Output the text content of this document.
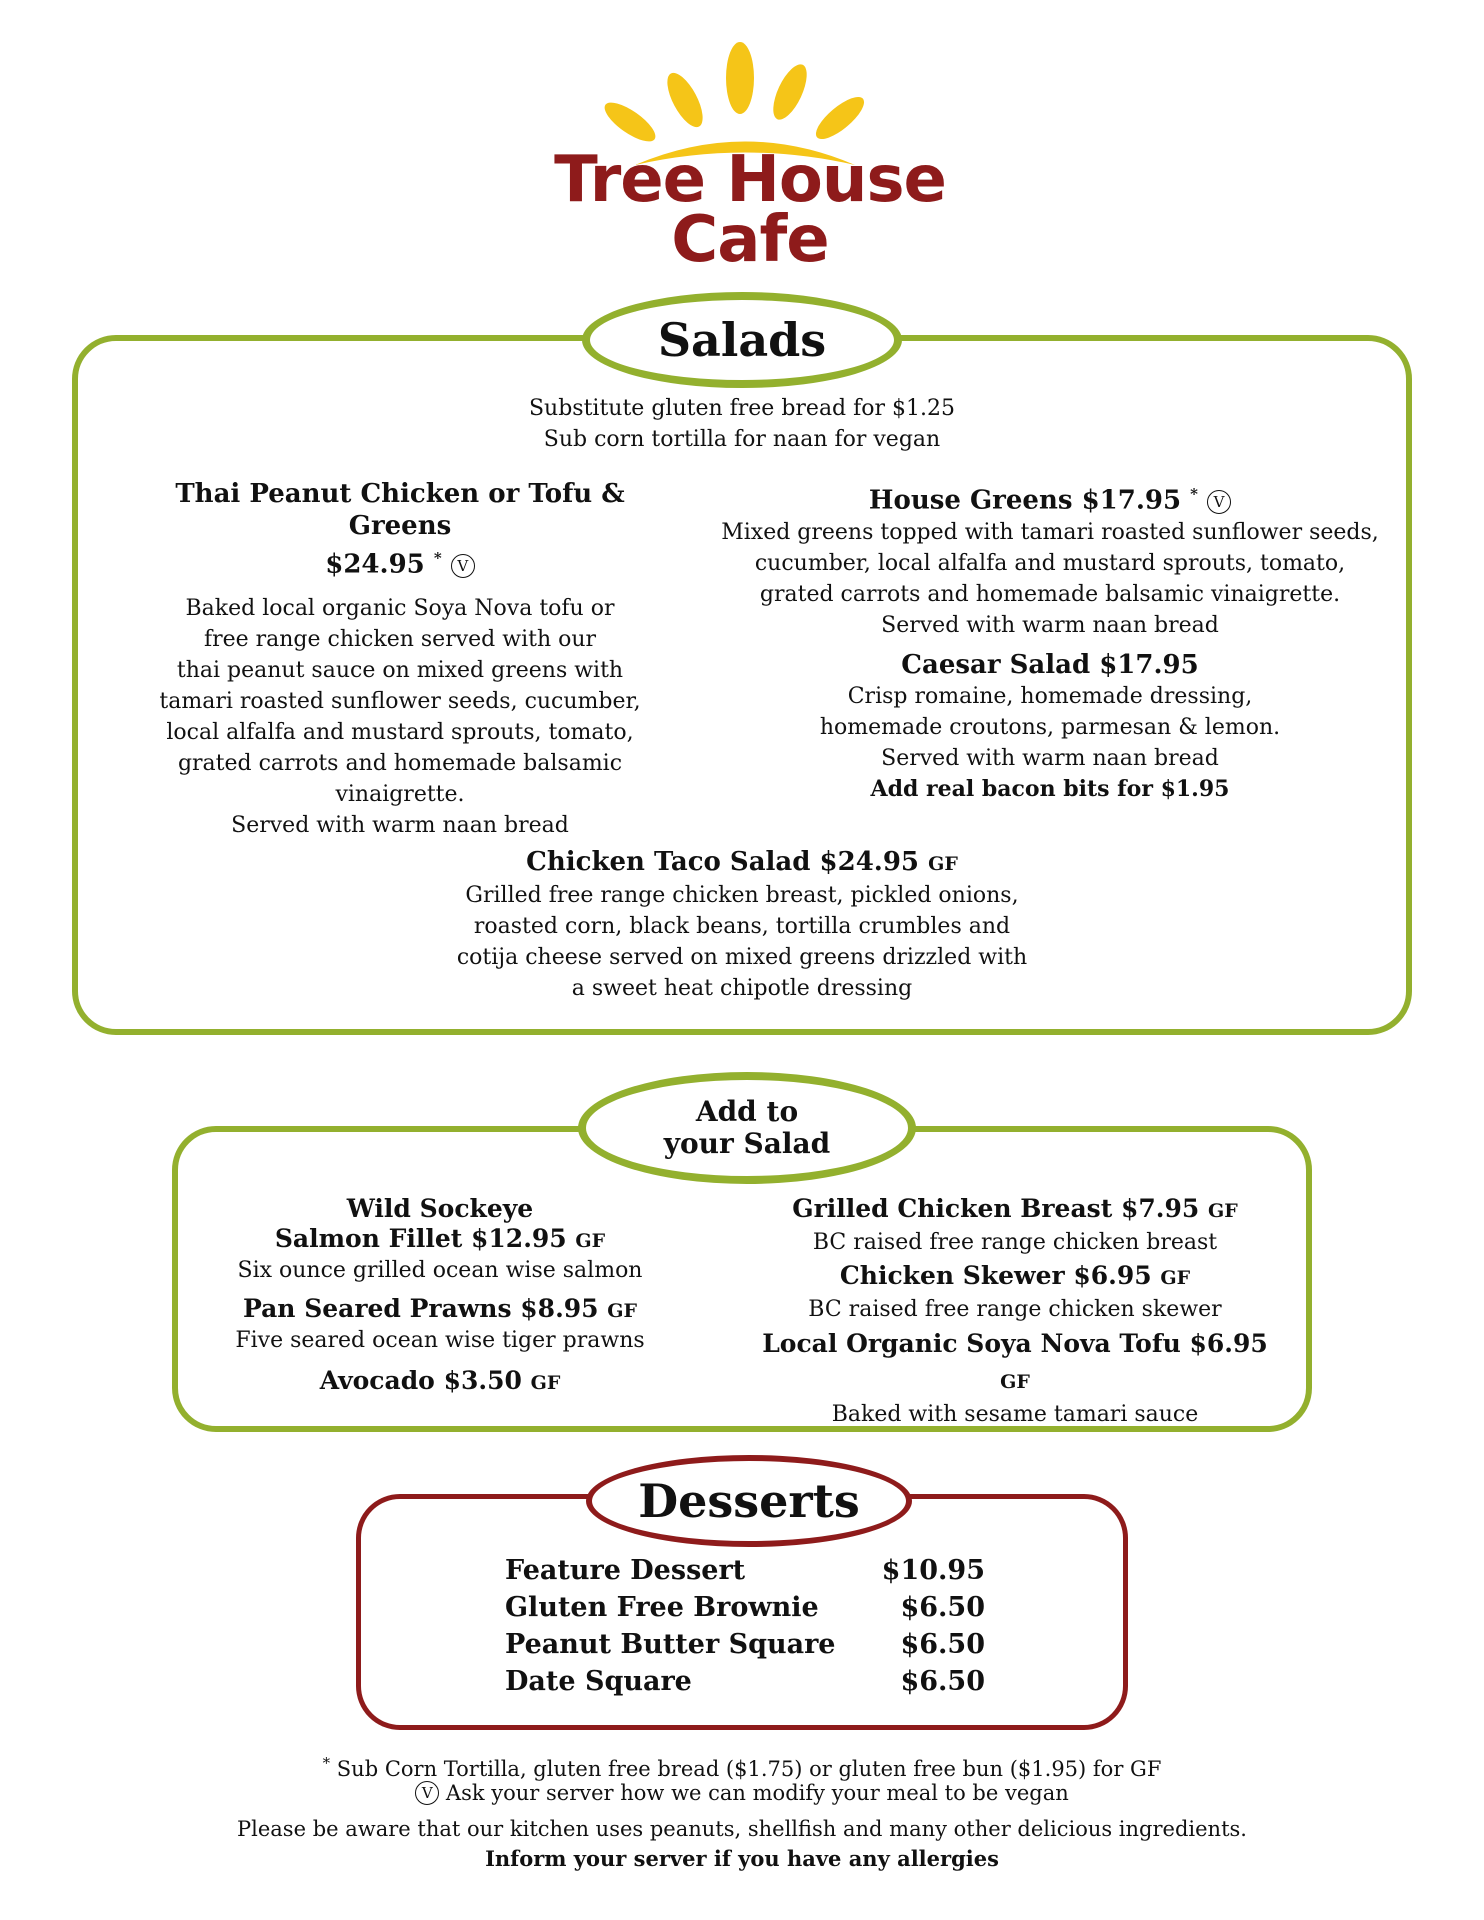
Tree House
Cafe
Salads
Substitute gluten free bread for $1.25
Sub corn tortilla for naan for vegan
Thai Peanut Chicken or Tofu & Greens
$24.95 * V
Baked local organic Soya Nova tofu or
free range chicken served with our
thai peanut sauce on mixed greens with
tamari roasted sunflower seeds, cucumber,
local alfalfa and mustard sprouts, tomato,
grated carrots and homemade balsamic vinaigrette.
Served with warm naan bread
House Greens $17.95 * V
Mixed greens topped with tamari roasted sunflower seeds,
cucumber, local alfalfa and mustard sprouts, tomato,
grated carrots and homemade balsamic vinaigrette.
Served with warm naan bread
Caesar Salad $17.95
Crisp romaine, homemade dressing,
homemade croutons, parmesan & lemon.
Served with warm naan bread
Add real bacon bits for $1.95
Chicken Taco Salad $24.95 GF
Grilled free range chicken breast, pickled onions,
roasted corn, black beans, tortilla crumbles and
cotija cheese served on mixed greens drizzled with
a sweet heat chipotle dressing
Add to
your Salad
Wild Sockeye
Salmon Fillet $12.95 GF
Six ounce grilled ocean wise salmon
Pan Seared Prawns $8.95 GF
Five seared ocean wise tiger prawns
Avocado $3.50 GF
Grilled Chicken Breast $7.95 GF
BC raised free range chicken breast
Chicken Skewer $6.95 GF
BC raised free range chicken skewer
Local Organic Soya Nova Tofu $6.95 GF
Baked with sesame tamari sauce
Desserts
Feature Dessert	$10.95
Gluten Free Brownie	$6.50
Peanut Butter Square $6.50
Date Square	$6.50
* Sub Corn Tortilla, gluten free bread ($1.75) or gluten free bun ($1.95) for GF
V Ask your server how we can modify your meal to be vegan
Please be aware that our kitchen uses peanuts, shellfish and many other delicious ingredients.
Inform your server if you have any allergies
